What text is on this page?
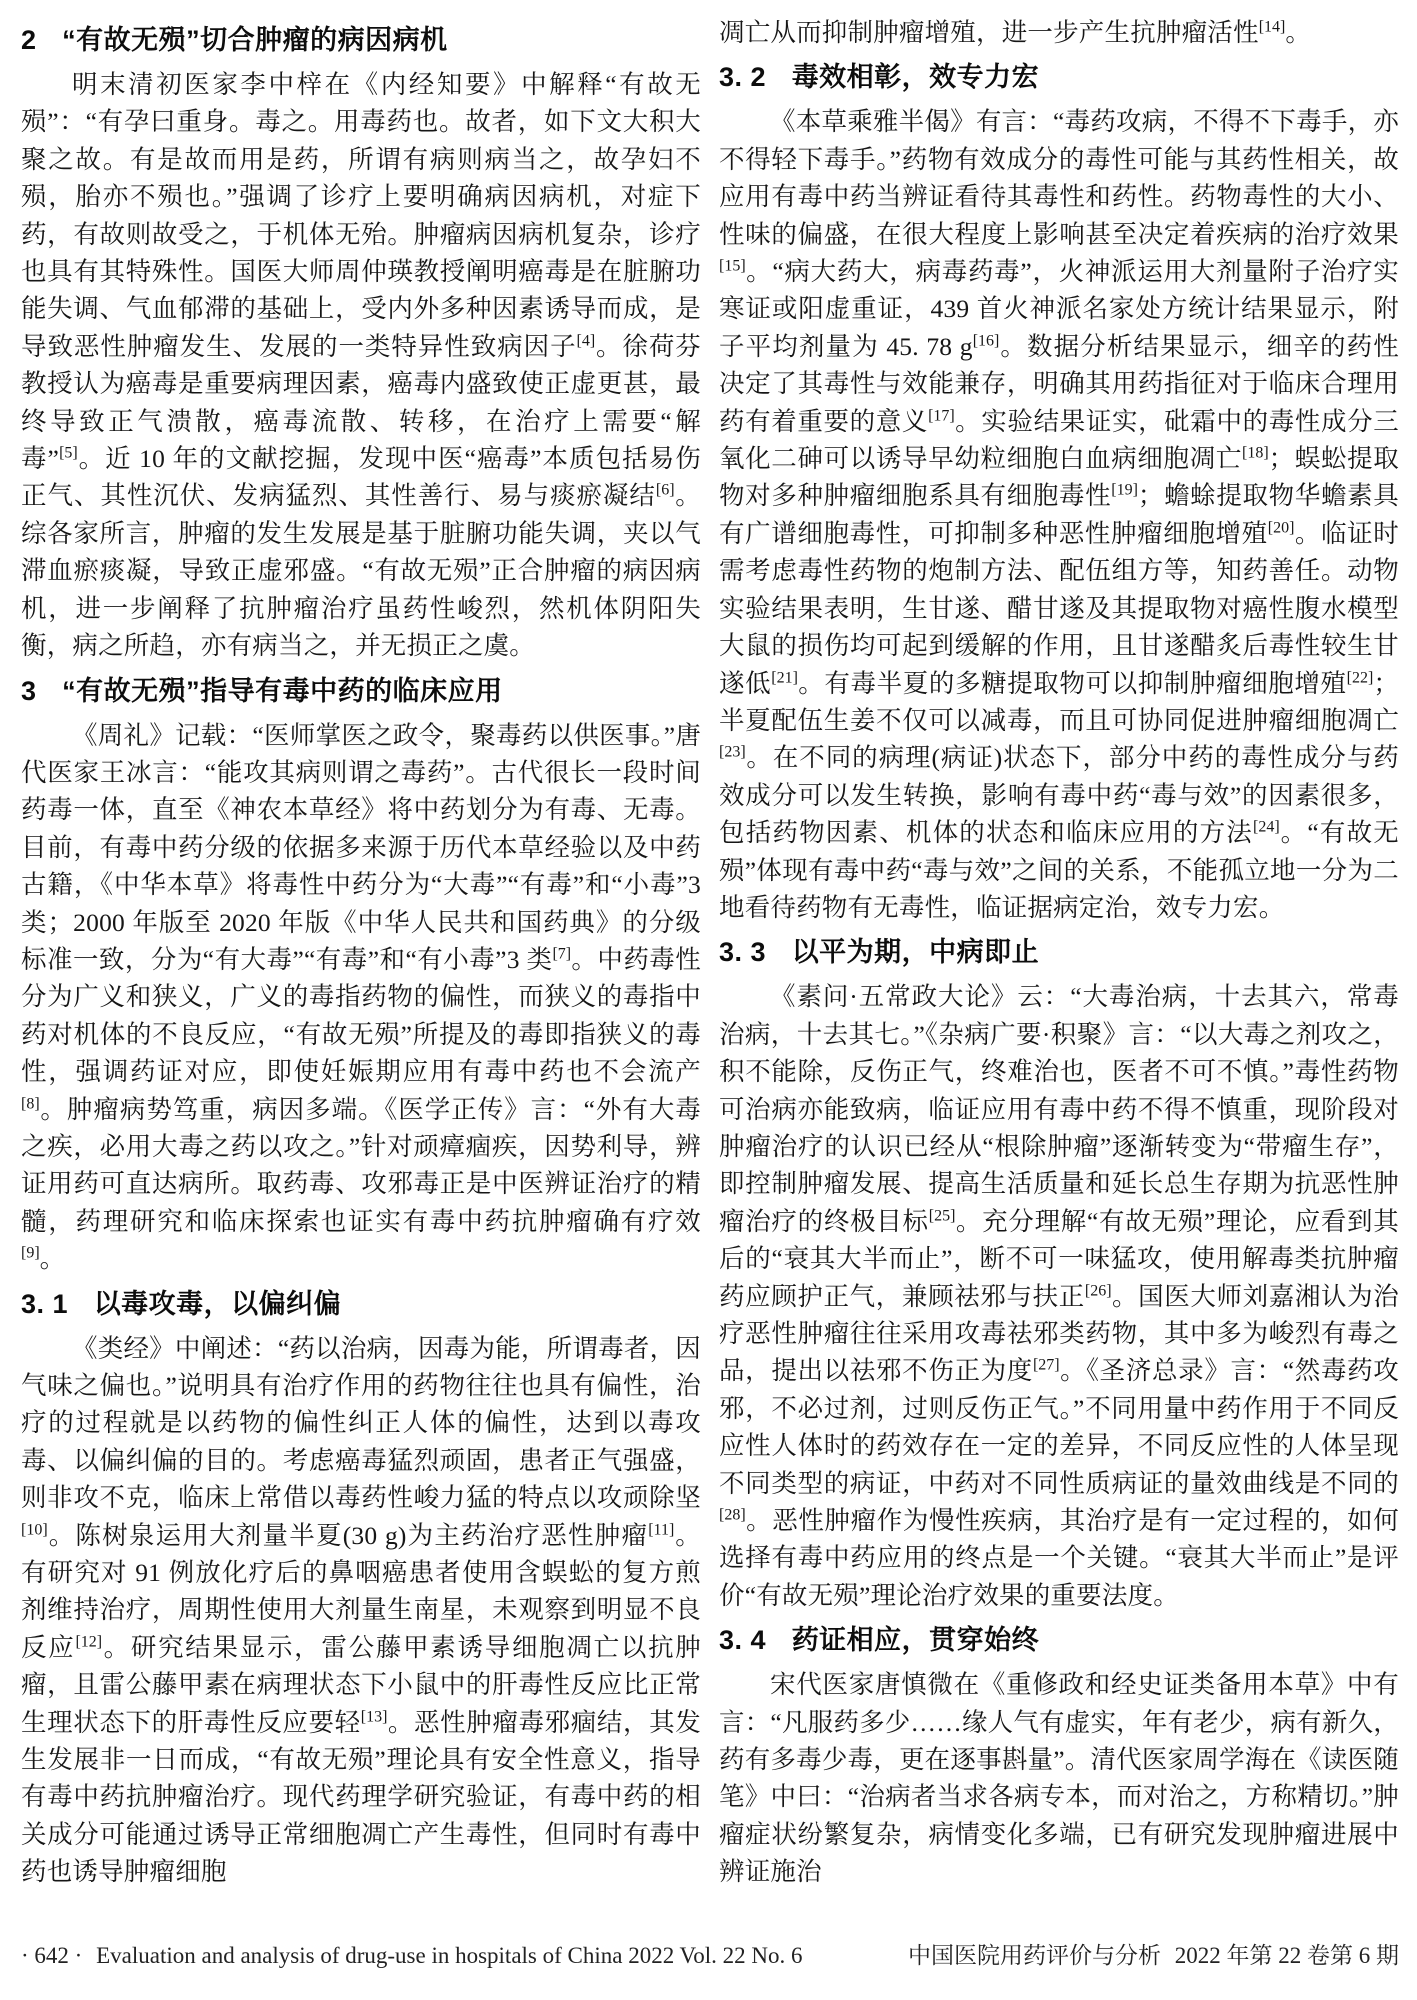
2 “有故无殒”切合肿瘤的病因病机

明末清初医家李中梓在《内经知要》中解释“有故无殒”：“有孕曰重身。毒之。用毒药也。故者，如下文大积大聚之故。有是故而用是药，所谓有病则病当之，故孕妇不殒，胎亦不殒也。”强调了诊疗上要明确病因病机，对症下药，有故则故受之，于机体无殆。肿瘤病因病机复杂，诊疗也具有其特殊性。国医大师周仲瑛教授阐明癌毒是在脏腑功能失调、气血郁滞的基础上，受内外多种因素诱导而成，是导致恶性肿瘤发生、发展的一类特异性致病因子[4]。徐荷芬教授认为癌毒是重要病理因素，癌毒内盛致使正虚更甚，最终导致正气溃散，癌毒流散、转移，在治疗上需要“解毒”[5]。近 10 年的文献挖掘，发现中医“癌毒”本质包括易伤正气、其性沉伏、发病猛烈、其性善行、易与痰瘀凝结[6]。综各家所言，肿瘤的发生发展是基于脏腑功能失调，夹以气滞血瘀痰凝，导致正虚邪盛。“有故无殒”正合肿瘤的病因病机，进一步阐释了抗肿瘤治疗虽药性峻烈，然机体阴阳失衡，病之所趋，亦有病当之，并无损正之虞。

3 “有故无殒”指导有毒中药的临床应用

《周礼》记载：“医师掌医之政令，聚毒药以供医事。”唐代医家王冰言：“能攻其病则谓之毒药”。古代很长一段时间药毒一体，直至《神农本草经》将中药划分为有毒、无毒。目前，有毒中药分级的依据多来源于历代本草经验以及中药古籍，《中华本草》将毒性中药分为“大毒”“有毒”和“小毒”3 类；2000 年版至 2020 年版《中华人民共和国药典》的分级标准一致，分为“有大毒”“有毒”和“有小毒”3 类[7]。中药毒性分为广义和狭义，广义的毒指药物的偏性，而狭义的毒指中药对机体的不良反应，“有故无殒”所提及的毒即指狭义的毒性，强调药证对应，即使妊娠期应用有毒中药也不会流产[8]。肿瘤病势笃重，病因多端。《医学正传》言：“外有大毒之疾，必用大毒之药以攻之。”针对顽瘴痼疾，因势利导，辨证用药可直达病所。取药毒、攻邪毒正是中医辨证治疗的精髓，药理研究和临床探索也证实有毒中药抗肿瘤确有疗效[9]。

3. 1 以毒攻毒，以偏纠偏

《类经》中阐述：“药以治病，因毒为能，所谓毒者，因气味之偏也。”说明具有治疗作用的药物往往也具有偏性，治疗的过程就是以药物的偏性纠正人体的偏性，达到以毒攻毒、以偏纠偏的目的。考虑癌毒猛烈顽固，患者正气强盛，则非攻不克，临床上常借以毒药性峻力猛的特点以攻顽除坚[10]。陈树泉运用大剂量半夏(30 g)为主药治疗恶性肿瘤[11]。有研究对 91 例放化疗后的鼻咽癌患者使用含蜈蚣的复方煎剂维持治疗，周期性使用大剂量生南星，未观察到明显不良反应[12]。研究结果显示，雷公藤甲素诱导细胞凋亡以抗肿瘤，且雷公藤甲素在病理状态下小鼠中的肝毒性反应比正常生理状态下的肝毒性反应要轻[13]。恶性肿瘤毒邪痼结，其发生发展非一日而成，“有故无殒”理论具有安全性意义，指导有毒中药抗肿瘤治疗。现代药理学研究验证，有毒中药的相关成分可能通过诱导正常细胞凋亡产生毒性，但同时有毒中药也诱导肿瘤细胞

凋亡从而抑制肿瘤增殖，进一步产生抗肿瘤活性[14]。

3. 2 毒效相彰，效专力宏

《本草乘雅半偈》有言：“毒药攻病，不得不下毒手，亦不得轻下毒手。”药物有效成分的毒性可能与其药性相关，故应用有毒中药当辨证看待其毒性和药性。药物毒性的大小、性味的偏盛，在很大程度上影响甚至决定着疾病的治疗效果[15]。“病大药大，病毒药毒”，火神派运用大剂量附子治疗实寒证或阳虚重证，439 首火神派名家处方统计结果显示，附子平均剂量为 45. 78 g[16]。数据分析结果显示，细辛的药性决定了其毒性与效能兼存，明确其用药指征对于临床合理用药有着重要的意义[17]。实验结果证实，砒霜中的毒性成分三氧化二砷可以诱导早幼粒细胞白血病细胞凋亡[18]；蜈蚣提取物对多种肿瘤细胞系具有细胞毒性[19]；蟾蜍提取物华蟾素具有广谱细胞毒性，可抑制多种恶性肿瘤细胞增殖[20]。临证时需考虑毒性药物的炮制方法、配伍组方等，知药善任。动物实验结果表明，生甘遂、醋甘遂及其提取物对癌性腹水模型大鼠的损伤均可起到缓解的作用，且甘遂醋炙后毒性较生甘遂低[21]。有毒半夏的多糖提取物可以抑制肿瘤细胞增殖[22]；半夏配伍生姜不仅可以减毒，而且可协同促进肿瘤细胞凋亡[23]。在不同的病理(病证)状态下，部分中药的毒性成分与药效成分可以发生转换，影响有毒中药“毒与效”的因素很多，包括药物因素、机体的状态和临床应用的方法[24]。“有故无殒”体现有毒中药“毒与效”之间的关系，不能孤立地一分为二地看待药物有无毒性，临证据病定治，效专力宏。

3. 3 以平为期，中病即止

《素问·五常政大论》云：“大毒治病，十去其六，常毒治病，十去其七。”《杂病广要·积聚》言：“以大毒之剂攻之，积不能除，反伤正气，终难治也，医者不可不慎。”毒性药物可治病亦能致病，临证应用有毒中药不得不慎重，现阶段对肿瘤治疗的认识已经从“根除肿瘤”逐渐转变为“带瘤生存”，即控制肿瘤发展、提高生活质量和延长总生存期为抗恶性肿瘤治疗的终极目标[25]。充分理解“有故无殒”理论，应看到其后的“衰其大半而止”，断不可一味猛攻，使用解毒类抗肿瘤药应顾护正气，兼顾祛邪与扶正[26]。国医大师刘嘉湘认为治疗恶性肿瘤往往采用攻毒祛邪类药物，其中多为峻烈有毒之品，提出以祛邪不伤正为度[27]。《圣济总录》言：“然毒药攻邪，不必过剂，过则反伤正气。”不同用量中药作用于不同反应性人体时的药效存在一定的差异，不同反应性的人体呈现不同类型的病证，中药对不同性质病证的量效曲线是不同的[28]。恶性肿瘤作为慢性疾病，其治疗是有一定过程的，如何选择有毒中药应用的终点是一个关键。“衰其大半而止”是评价“有故无殒”理论治疗效果的重要法度。

3. 4 药证相应，贯穿始终

宋代医家唐慎微在《重修政和经史证类备用本草》中有言：“凡服药多少……缘人气有虚实，年有老少，病有新久，药有多毒少毒，更在逐事斟量”。清代医家周学海在《读医随笔》中曰：“治病者当求各病专本，而对治之，方称精切。”肿瘤症状纷繁复杂，病情变化多端，已有研究发现肿瘤进展中辨证施治

· 642 · Evaluation and analysis of drug-use in hospitals of China 2022 Vol. 22 No. 6	中国医院用药评价与分析 2022 年第 22 卷第 6 期
